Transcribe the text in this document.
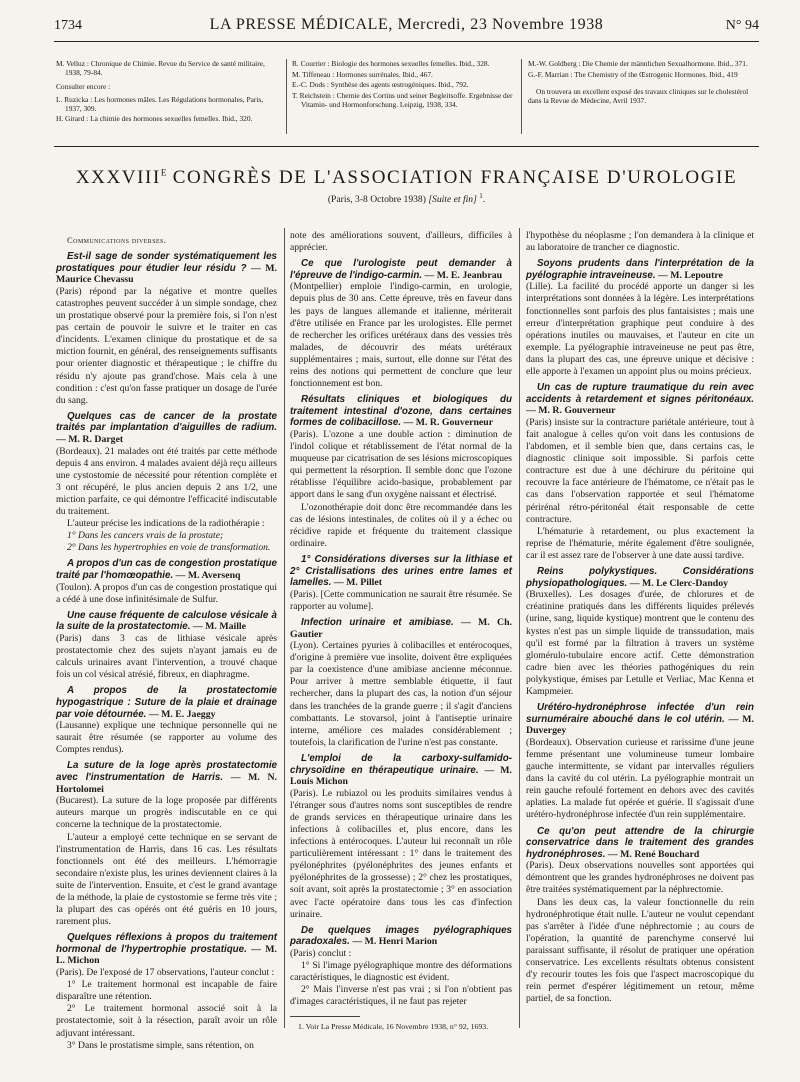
1734	LA PRESSE MÉDICALE, Mercredi, 23 Novembre 1938	N° 94

M. Velluz : Chronique de Chimie. Revue du Service de santé militaire, 1938, 79-84.

Consulter encore :

L. Ruzicka : Les hormones mâles. Les Régulations hormonales, Paris, 1937, 309.

H. Girard : La chimie des hormones sexuelles femelles. Ibid., 320.

R. Courrier : Biologie des hormones sexuelles femelles. Ibid., 328.

M. Tiffeneau : Hormones surrénales. Ibid., 467.

E.-C. Dods : Synthèse des agents œstrogéniques. Ibid., 792.

T. Reichstein : Chemie des Cortins und seiner Begleitsoffe. Ergebnisse der Vitamin- und Hormonforschung. Leipzig, 1938, 334.

M.-W. Goldberg : Die Chemie der männlichen Sexualhormone. Ibid., 371.

G.-F. Marrian : The Chemistry of the Œstrogenic Hormones. Ibid., 419

On trouvera un excellent exposé des travaux cliniques sur le cholestérol dans la Revue de Médecine, Avril 1937.

$XXXVIII^E$ CONGRÈS DE L'ASSOCIATION FRANÇAISE D'UROLOGIE
(Paris, 3-8 Octobre 1938) [Suite et fin] $^1$.

Communications diverses.

Est-il sage de sonder systématiquement les prostatiques pour étudier leur résidu ? — M. Maurice Chevassu

(Paris) répond par la négative et montre quelles catastrophes peuvent succéder à un simple sondage, chez un prostatique observé pour la première fois, si l'on n'est pas certain de pouvoir le suivre et le traiter en cas d'incidents. L'examen clinique du prostatique et de sa miction fournit, en général, des renseignements suffisants pour orienter diagnostic et thérapeutique ; le chiffre du résidu n'y ajoute pas grand'chose. Mais cela à une condition : c'est qu'on fasse pratiquer un dosage de l'urée du sang.

Quelques cas de cancer de la prostate traités par implantation d'aiguilles de radium. — M. R. Darget

(Bordeaux). 21 malades ont été traités par cette méthode depuis 4 ans environ. 4 malades avaient déjà reçu ailleurs une cystostomie de nécessité pour rétention complète et 3 ont récupéré, le plus ancien depuis 2 ans 1/2, une miction parfaite, ce qui démontre l'efficacité indiscutable du traitement.

L'auteur précise les indications de la radiothérapie :

1° Dans les cancers vrais de la prostate;

2° Dans les hypertrophies en voie de transformation.

A propos d'un cas de congestion prostatique traité par l'homœopathie. — M. Aversenq

(Toulon). A propos d'un cas de congestion prostatique qui a cédé à une dose infinitésimale de Sulfur.

Une cause fréquente de calculose vésicale à la suite de la prostatectomie. — M. Maille

(Paris) dans 3 cas de lithiase vésicale après prostatectomie chez des sujets n'ayant jamais eu de calculs urinaires avant l'intervention, a trouvé chaque fois un col vésical atrésié, fibreux, en diaphragme.

A propos de la prostatectomie hypogastrique : Suture de la plaie et drainage par voie détournée. — M. E. Jaeggy

(Lausanne) explique une technique personnelle qui ne saurait être résumée (se rapporter au volume des Comptes rendus).

La suture de la loge après prostatectomie avec l'instrumentation de Harris. — M. N. Hortolomei

(Bucarest). La suture de la loge proposée par différents auteurs marque un progrès indiscutable en ce qui concerne la technique de la prostatectomie.

L'auteur a employé cette technique en se servant de l'instrumentation de Harris, dans 16 cas. Les résultats fonctionnels ont été des meilleurs. L'hémorragie secondaire n'existe plus, les urines deviennent claires à la suite de l'intervention. Ensuite, et c'est le grand avantage de la méthode, la plaie de cystostomie se ferme très vite ; la plupart des cas opérés ont été guéris en 10 jours, rarement plus.

Quelques réflexions à propos du traitement hormonal de l'hypertrophie prostatique. — M. L. Michon

(Paris). De l'exposé de 17 observations, l'auteur conclut :

1° Le traitement hormonal est incapable de faire disparaître une rétention.

2° Le traitement hormonal associé soit à la prostatectomie, soit à la résection, paraît avoir un rôle adjuvant intéressant.

3° Dans le prostatisme simple, sans rétention, on

note des améliorations souvent, d'ailleurs, difficiles à apprécier.

Ce que l'urologiste peut demander à l'épreuve de l'indigo-carmin. — M. E. Jeanbrau

(Montpellier) emploie l'indigo-carmin, en urologie, depuis plus de 30 ans. Cette épreuve, très en faveur dans les pays de langues allemande et italienne, mériterait d'être utilisée en France par les urologistes. Elle permet de rechercher les orifices urétéraux dans des vessies très malades, de découvrir des méats urétéraux supplémentaires ; mais, surtout, elle donne sur l'état des reins des notions qui permettent de conclure que leur fonctionnement est bon.

Résultats cliniques et biologiques du traitement intestinal d'ozone, dans certaines formes de colibacillose. — M. R. Gouverneur

(Paris). L'ozone a une double action : diminution de l'indol colique et rétablissement de l'état normal de la muqueuse par cicatrisation de ses lésions microscopiques qui permettent la résorption. Il semble donc que l'ozone rétablisse l'équilibre acido-basique, probablement par apport dans le sang d'un oxygène naissant et électrisé.

L'ozonothérapie doit donc être recommandée dans les cas de lésions intestinales, de colites où il y a échec ou récidive rapide et fréquente du traitement classique ordinaire.

1° Considérations diverses sur la lithiase et 2° Cristallisations des urines entre lames et lamelles. — M. Pillet

(Paris). [Cette communication ne saurait être résumée. Se rapporter au volume].

Infection urinaire et amibiase. — M. Ch. Gautier

(Lyon). Certaines pyuries à colibacilles et entérocoques, d'origine à première vue insolite, doivent être expliquées par la coexistence d'une amibiase ancienne méconnue. Pour arriver à mettre semblable étiquette, il faut rechercher, dans la plupart des cas, la notion d'un séjour dans les tranchées de la grande guerre ; il s'agit d'anciens combattants. Le stovarsol, joint à l'antiseptie urinaire interne, améliore ces malades considérablement ; toutefois, la clarification de l'urine n'est pas constante.

L'emploi de la carboxy-sulfamido-chrysoïdine en thérapeutique urinaire. — M. Louis Michon

(Paris). Le rubiazol ou les produits similaires vendus à l'étranger sous d'autres noms sont susceptibles de rendre de grands services en thérapeutique urinaire dans les infections à colibacilles et, plus encore, dans les infections à entérocoques. L'auteur lui reconnaît un rôle particulièrement intéressant : 1° dans le traitement des pyélonéphrites (pyélonéphrites des jeunes enfants et pyélonéphrites de la grossesse) ; 2° chez les prostatiques, soit avant, soit après la prostatectomie ; 3° en association avec l'acte opératoire dans tous les cas d'infection urinaire.

De quelques images pyélographiques paradoxales. — M. Henri Marion

(Paris) conclut :

1° Si l'image pyélographique montre des déformations caractéristiques, le diagnostic est évident.

2° Mais l'inverse n'est pas vrai ; si l'on n'obtient pas d'images caractéristiques, il ne faut pas rejeter

1. Voir La Presse Médicale, 16 Novembre 1938, n° 92, 1693.

l'hypothèse du néoplasme ; l'on demandera à la clinique et au laboratoire de trancher ce diagnostic.

Soyons prudents dans l'interprétation de la pyélographie intraveineuse. — M. Lepoutre

(Lille). La facilité du procédé apporte un danger si les interprétations sont données à la légère. Les interprétations fonctionnelles sont parfois des plus fantaisistes ; mais une erreur d'interprétation graphique peut conduire à des opérations inutiles ou mauvaises, et l'auteur en cite un exemple. La pyélographie intraveineuse ne peut pas être, dans la plupart des cas, une épreuve unique et décisive : elle apporte à l'examen un appoint plus ou moins précieux.

Un cas de rupture traumatique du rein avec accidents à retardement et signes péritonéaux. — M. R. Gouverneur

(Paris) insiste sur la contracture pariétale antérieure, tout à fait analogue à celles qu'on voit dans les contusions de l'abdomen, et il semble bien que, dans certains cas, le diagnostic clinique soit impossible. Si parfois cette contracture est due à une déchirure du péritoine qui recouvre la face antérieure de l'hématome, ce n'était pas le cas dans l'observation rapportée et seul l'hématome périrénal rétro-péritonéal était responsable de cette contracture.

L'hématurie à retardement, ou plus exactement la reprise de l'hématurie, mérite également d'être soulignée, car il est assez rare de l'observer à une date aussi tardive.

Reins polykystiques. Considérations physiopathologiques. — M. Le Clerc-Dandoy

(Bruxelles). Les dosages d'urée, de chlorures et de créatinine pratiqués dans les différents liquides prélevés (urine, sang, liquide kystique) montrent que le contenu des kystes n'est pas un simple liquide de transsudation, mais qu'il est formé par la filtration à travers un système glomérulo-tubulaire encore actif. Cette démonstration cadre bien avec les théories pathogéniques du rein polykystique, émises par Letulle et Verliac, Mac Kenna et Kampmeier.

Urétéro-hydronéphrose infectée d'un rein surnuméraire abouché dans le col utérin. — M. Duvergey

(Bordeaux). Observation curieuse et rarissime d'une jeune femme présentant une volumineuse tumeur lombaire gauche intermittente, se vidant par intervalles réguliers dans la cavité du col utérin. La pyélographie montrait un rein gauche refoulé fortement en dehors avec des cavités aplaties. La malade fut opérée et guérie. Il s'agissait d'une urétéro-hydronéphrose infectée d'un rein supplémentaire.

Ce qu'on peut attendre de la chirurgie conservatrice dans le traitement des grandes hydronéphroses. — M. René Bouchard

(Paris). Deux observations nouvelles sont apportées qui démontrent que les grandes hydronéphroses ne doivent pas être traitées systématiquement par la néphrectomie.

Dans les deux cas, la valeur fonctionnelle du rein hydronéphrotique était nulle. L'auteur ne voulut cependant pas s'arrêter à l'idée d'une néphrectomie ; au cours de l'opération, la quantité de parenchyme conservé lui paraissant suffisante, il résolut de pratiquer une opération conservatrice. Les excellents résultats obtenus consistent d'y recourir toutes les fois que l'aspect macroscopique du rein permet d'espérer légitimement un retour, même partiel, de sa fonction.
